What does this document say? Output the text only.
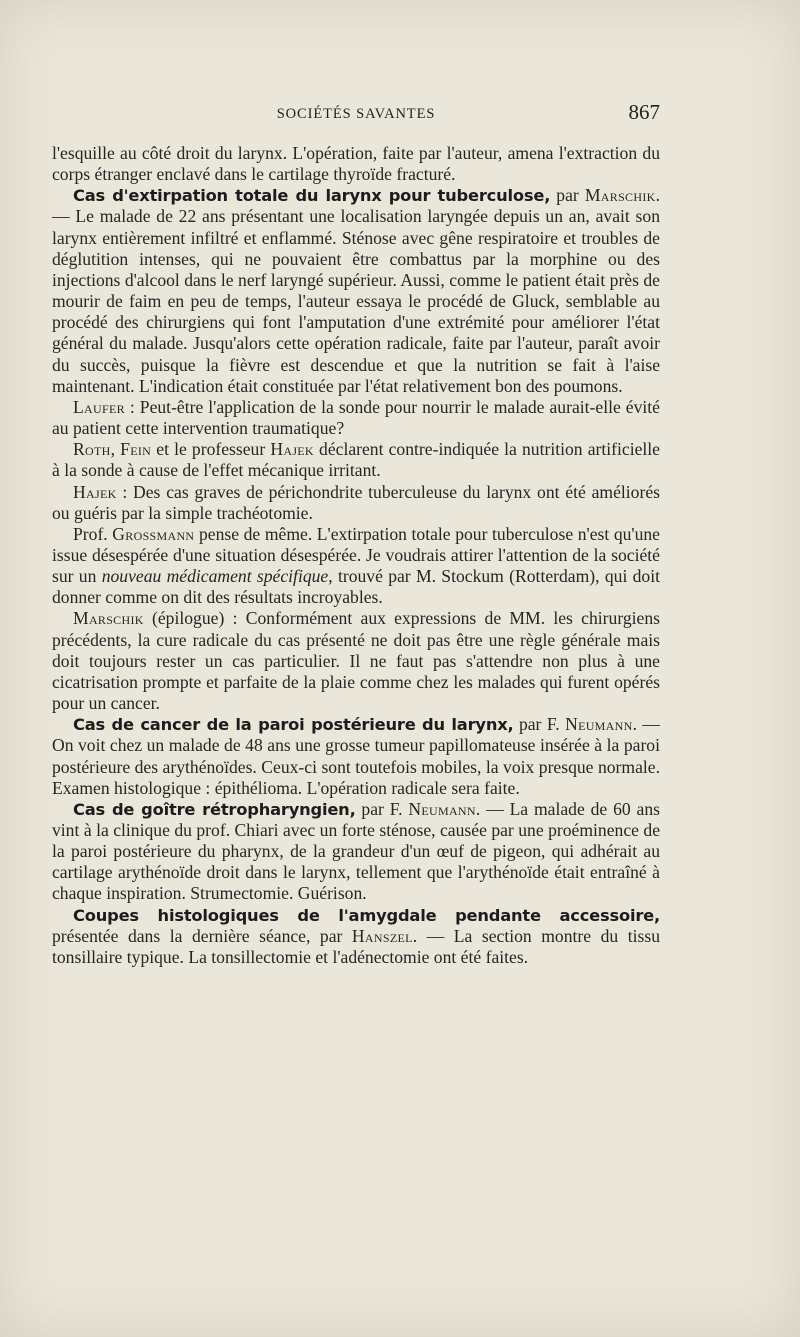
SOCIÉTÉS SAVANTES	867

l'esquille au côté droit du larynx. L'opération, faite par l'auteur, amena l'extraction du corps étranger enclavé dans le cartilage thyroïde fracturé.

Cas d'extirpation totale du larynx pour tuberculose, par Marschik. — Le malade de 22 ans présentant une localisation laryngée depuis un an, avait son larynx entièrement infiltré et enflammé. Sténose avec gêne respiratoire et troubles de déglutition intenses, qui ne pouvaient être combattus par la morphine ou des injections d'alcool dans le nerf laryngé supérieur. Aussi, comme le patient était près de mourir de faim en peu de temps, l'auteur essaya le procédé de Gluck, semblable au procédé des chirurgiens qui font l'amputation d'une extrémité pour améliorer l'état général du malade. Jusqu'alors cette opération radicale, faite par l'auteur, paraît avoir du succès, puisque la fièvre est descendue et que la nutrition se fait à l'aise maintenant. L'indication était constituée par l'état relativement bon des poumons.

Laufer : Peut-être l'application de la sonde pour nourrir le malade aurait-elle évité au patient cette intervention traumatique?

Roth, Fein et le professeur Hajek déclarent contre-indiquée la nutrition artificielle à la sonde à cause de l'effet mécanique irritant.

Hajek : Des cas graves de périchondrite tuberculeuse du larynx ont été améliorés ou guéris par la simple trachéotomie.

Prof. Grossmann pense de même. L'extirpation totale pour tuberculose n'est qu'une issue désespérée d'une situation désespérée. Je voudrais attirer l'attention de la société sur un nouveau médicament spécifique, trouvé par M. Stockum (Rotterdam), qui doit donner comme on dit des résultats incroyables.

Marschik (épilogue) : Conformément aux expressions de MM. les chirurgiens précédents, la cure radicale du cas présenté ne doit pas être une règle générale mais doit toujours rester un cas particulier. Il ne faut pas s'attendre non plus à une cicatrisation prompte et parfaite de la plaie comme chez les malades qui furent opérés pour un cancer.

Cas de cancer de la paroi postérieure du larynx, par F. Neumann. — On voit chez un malade de 48 ans une grosse tumeur papillomateuse insérée à la paroi postérieure des arythénoïdes. Ceux-ci sont toutefois mobiles, la voix presque normale. Examen histologique : épithélioma. L'opération radicale sera faite.

Cas de goître rétropharyngien, par F. Neumann. — La malade de 60 ans vint à la clinique du prof. Chiari avec un forte sténose, causée par une proéminence de la paroi postérieure du pharynx, de la grandeur d'un œuf de pigeon, qui adhérait au cartilage arythénoïde droit dans le larynx, tellement que l'arythénoïde était entraîné à chaque inspiration. Strumectomie. Guérison.

Coupes histologiques de l'amygdale pendante accessoire, présentée dans la dernière séance, par Hanszel. — La section montre du tissu tonsillaire typique. La tonsillectomie et l'adénectomie ont été faites.
